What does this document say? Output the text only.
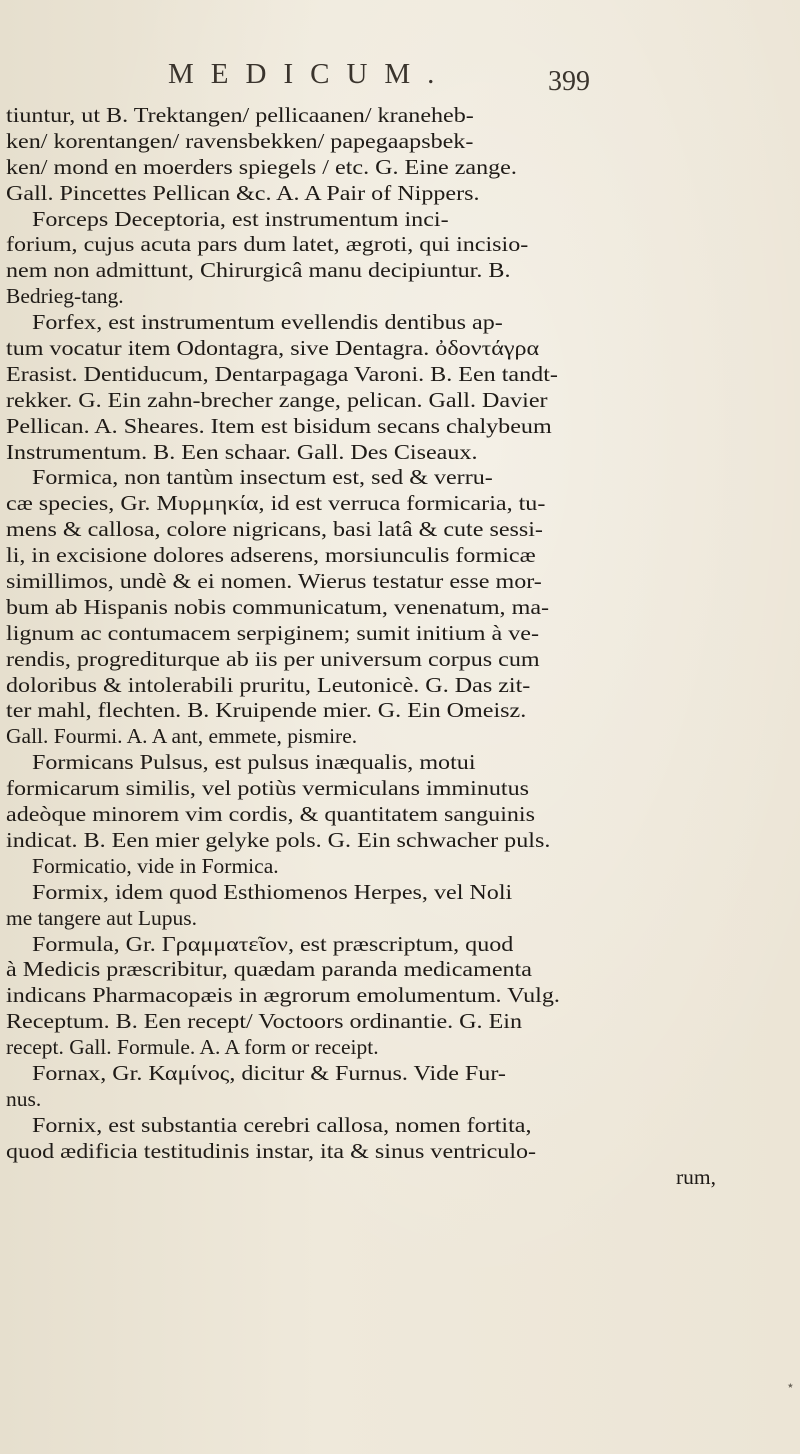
MEDICUM.	399
tiuntur, ut B. Trektangen/ pellicaanen/ kraneheb-
ken/ korentangen/ ravensbekken/ papegaapsbek-
ken/ mond en moerders spiegels / etc. G. Eine zange.
Gall. Pincettes Pellican &c. A. A Pair of Nippers.
Forceps Deceptoria, est instrumentum inci-
forium, cujus acuta pars dum latet, ægroti, qui incisio-
nem non admittunt, Chirurgicâ manu decipiuntur. B.
Bedrieg-tang.
Forfex, est instrumentum evellendis dentibus ap-
tum vocatur item Odontagra, sive Dentagra. ὀδοντάγρα
Erasist. Dentiducum, Dentarpagaga Varoni. B. Een tandt-
rekker. G. Ein zahn-brecher zange, pelican. Gall. Davier
Pellican. A. Sheares. Item est bisidum secans chalybeum
Instrumentum. B. Een schaar. Gall. Des Ciseaux.
Formica, non tantùm insectum est, sed & verru-
cæ species, Gr. Μυρμηκία, id est verruca formicaria, tu-
mens & callosa, colore nigricans, basi latâ & cute sessi-
li, in excisione dolores adserens, morsiunculis formicæ
simillimos, undè & ei nomen. Wierus testatur esse mor-
bum ab Hispanis nobis communicatum, venenatum, ma-
lignum ac contumacem serpiginem; sumit initium à ve-
rendis, progrediturque ab iis per universum corpus cum
doloribus & intolerabili pruritu, Leutonicè. G. Das zit-
ter mahl, flechten. B. Kruipende mier. G. Ein Omeisz.
Gall. Fourmi. A. A ant, emmete, pismire.
Formicans Pulsus, est pulsus inæqualis, motui
formicarum similis, vel potiùs vermiculans imminutus
adeòque minorem vim cordis, & quantitatem sanguinis
indicat. B. Een mier gelyke pols. G. Ein schwacher puls.
Formicatio, vide in Formica.
Formix, idem quod Esthiomenos Herpes, vel Noli
me tangere aut Lupus.
Formula, Gr. Γραμματεῖον, est præscriptum, quod
à Medicis præscribitur, quædam paranda medicamenta
indicans Pharmacopæis in ægrorum emolumentum. Vulg.
Receptum. B. Een recept/ Voctoors ordinantie. G. Ein
recept. Gall. Formule. A. A form or receipt.
Fornax, Gr. Καμίνος, dicitur & Furnus. Vide Fur-
nus.
Fornix, est substantia cerebri callosa, nomen fortita,
quod ædificia testitudinis instar, ita & sinus ventriculo-
rum,
⋆
